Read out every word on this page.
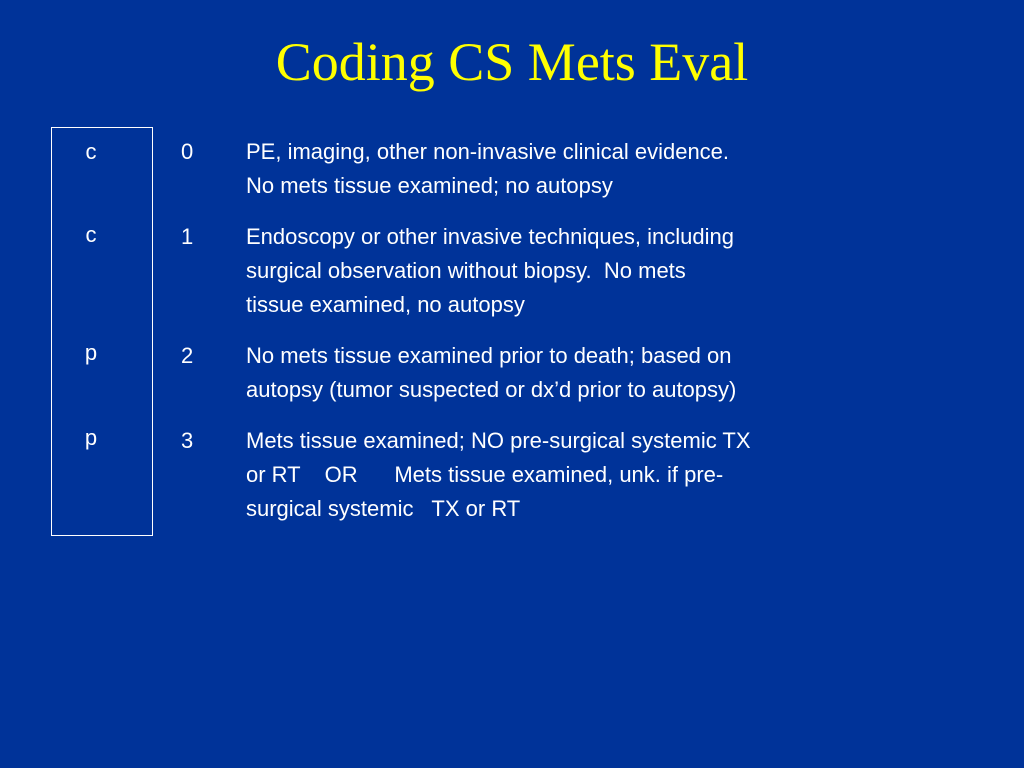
Coding CS Mets Eval
c
c
p
p
0 PE, imaging, other non-invasive clinical evidence.
No mets tissue examined; no autopsy
1 Endoscopy or other invasive techniques, including
surgical observation without biopsy.  No mets
tissue examined, no autopsy
2 No mets tissue examined prior to death; based on
autopsy (tumor suspected or dx’d prior to autopsy)
3 Mets tissue examined; NO pre-surgical systemic TX
or RT    OR      Mets tissue examined, unk. if pre-
surgical systemic   TX or RT
